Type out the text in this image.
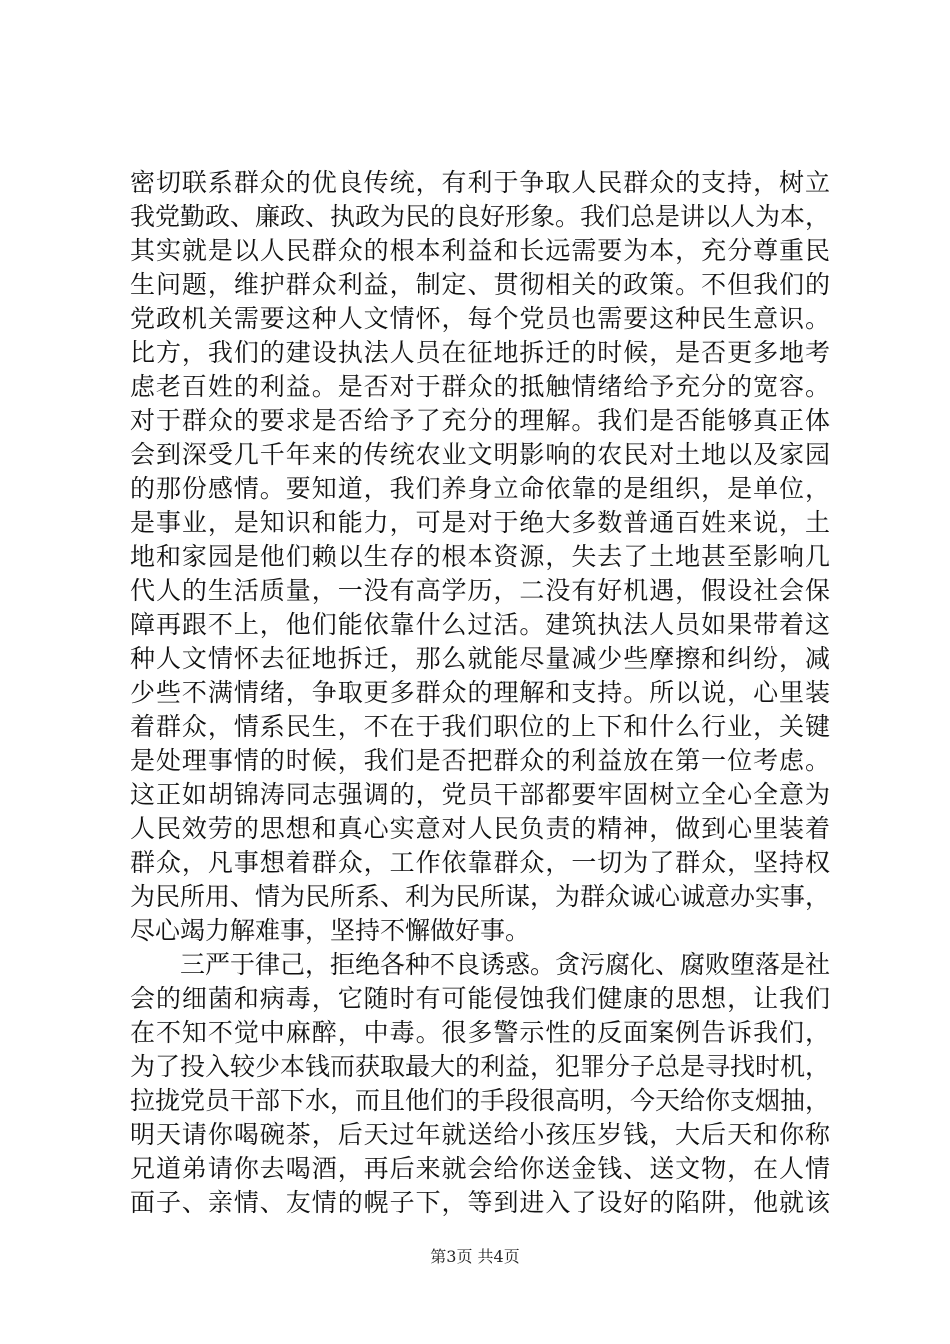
密切联系群众的优良传统，有利于争取人民群众的支持，树立
我党勤政、廉政、执政为民的良好形象。我们总是讲以人为本，
其实就是以人民群众的根本利益和长远需要为本，充分尊重民
生问题，维护群众利益，制定、贯彻相关的政策。不但我们的
党政机关需要这种人文情怀，每个党员也需要这种民生意识。
比方，我们的建设执法人员在征地拆迁的时候，是否更多地考
虑老百姓的利益。是否对于群众的抵触情绪给予充分的宽容。
对于群众的要求是否给予了充分的理解。我们是否能够真正体
会到深受几千年来的传统农业文明影响的农民对土地以及家园
的那份感情。要知道，我们养身立命依靠的是组织，是单位，
是事业，是知识和能力，可是对于绝大多数普通百姓来说，土
地和家园是他们赖以生存的根本资源，失去了土地甚至影响几
代人的生活质量，一没有高学历，二没有好机遇，假设社会保
障再跟不上，他们能依靠什么过活。建筑执法人员如果带着这
种人文情怀去征地拆迁，那么就能尽量减少些摩擦和纠纷，减
少些不满情绪，争取更多群众的理解和支持。所以说，心里装
着群众，情系民生，不在于我们职位的上下和什么行业，关键
是处理事情的时候，我们是否把群众的利益放在第一位考虑。
这正如胡锦涛同志强调的，党员干部都要牢固树立全心全意为
人民效劳的思想和真心实意对人民负责的精神，做到心里装着
群众，凡事想着群众，工作依靠群众，一切为了群众，坚持权
为民所用、情为民所系、利为民所谋，为群众诚心诚意办实事，
尽心竭力解难事，坚持不懈做好事。
三严于律己，拒绝各种不良诱惑。贪污腐化、腐败堕落是社
会的细菌和病毒，它随时有可能侵蚀我们健康的思想，让我们
在不知不觉中麻醉，中毒。很多警示性的反面案例告诉我们，
为了投入较少本钱而获取最大的利益，犯罪分子总是寻找时机，
拉拢党员干部下水，而且他们的手段很高明，今天给你支烟抽，
明天请你喝碗茶，后天过年就送给小孩压岁钱，大后天和你称
兄道弟请你去喝酒，再后来就会给你送金钱、送文物，在人情
面子、亲情、友情的幌子下，等到进入了设好的陷阱，他就该
第3页 共4页
